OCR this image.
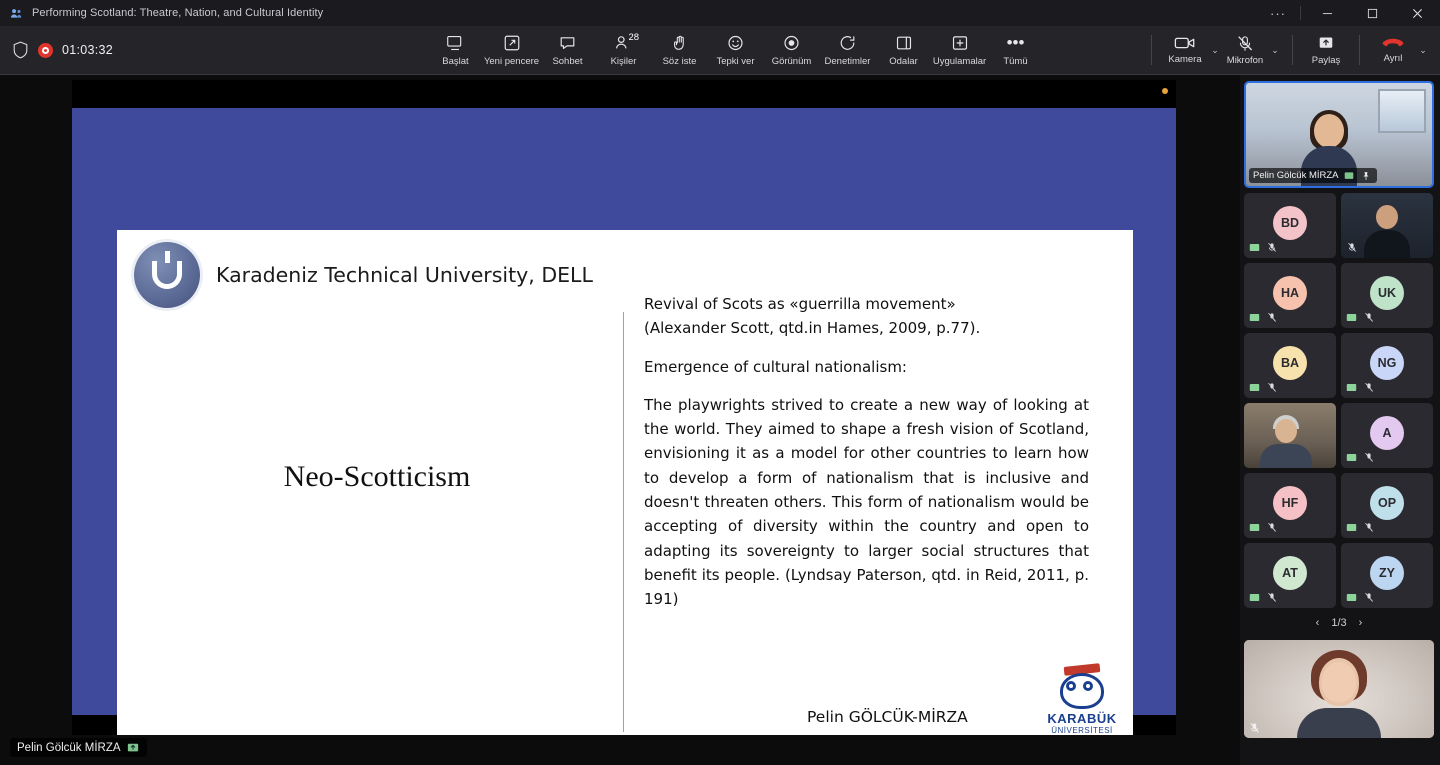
Performing Scotland: Theatre, Nation, and Cultural Identity	···
01:03:32
Başlat Yeni pencere Sohbet
28
Kişiler	Söz iste Tepki ver Görünüm Denetimler Odalar Uygulamalar
•••
Tümü	Kamera
⌄
Mikrofon
⌄
Paylaş	Ayrıl
⌄
Karadeniz Technical University, DELL
Neo-Scotticism

Revival of Scots as «guerrilla movement»
(Alexander Scott, qtd.in Hames, 2009, p.77).

Emergence of cultural nationalism:

The playwrights strived to create a new way of looking at the world. They aimed to shape a fresh vision of Scotland, envisioning it as a model for other countries to learn how to develop a form of nationalism that is inclusive and doesn't threaten others. This form of nationalism would be accepting of diversity within the country and open to adapting its sovereignty to larger social structures that benefit its people. (Lyndsay Paterson, qtd. in Reid, 2011, p. 191)

Pelin GÖLCÜK-MİRZA	KARABÜK
ÜNİVERSİTESİ
Pelin Gölcük MİRZA
Pelin Gölcük MİRZA
BD
HA	UK
BA	NG
A
HF	OP
AT	ZY
‹ 1/3 ›
